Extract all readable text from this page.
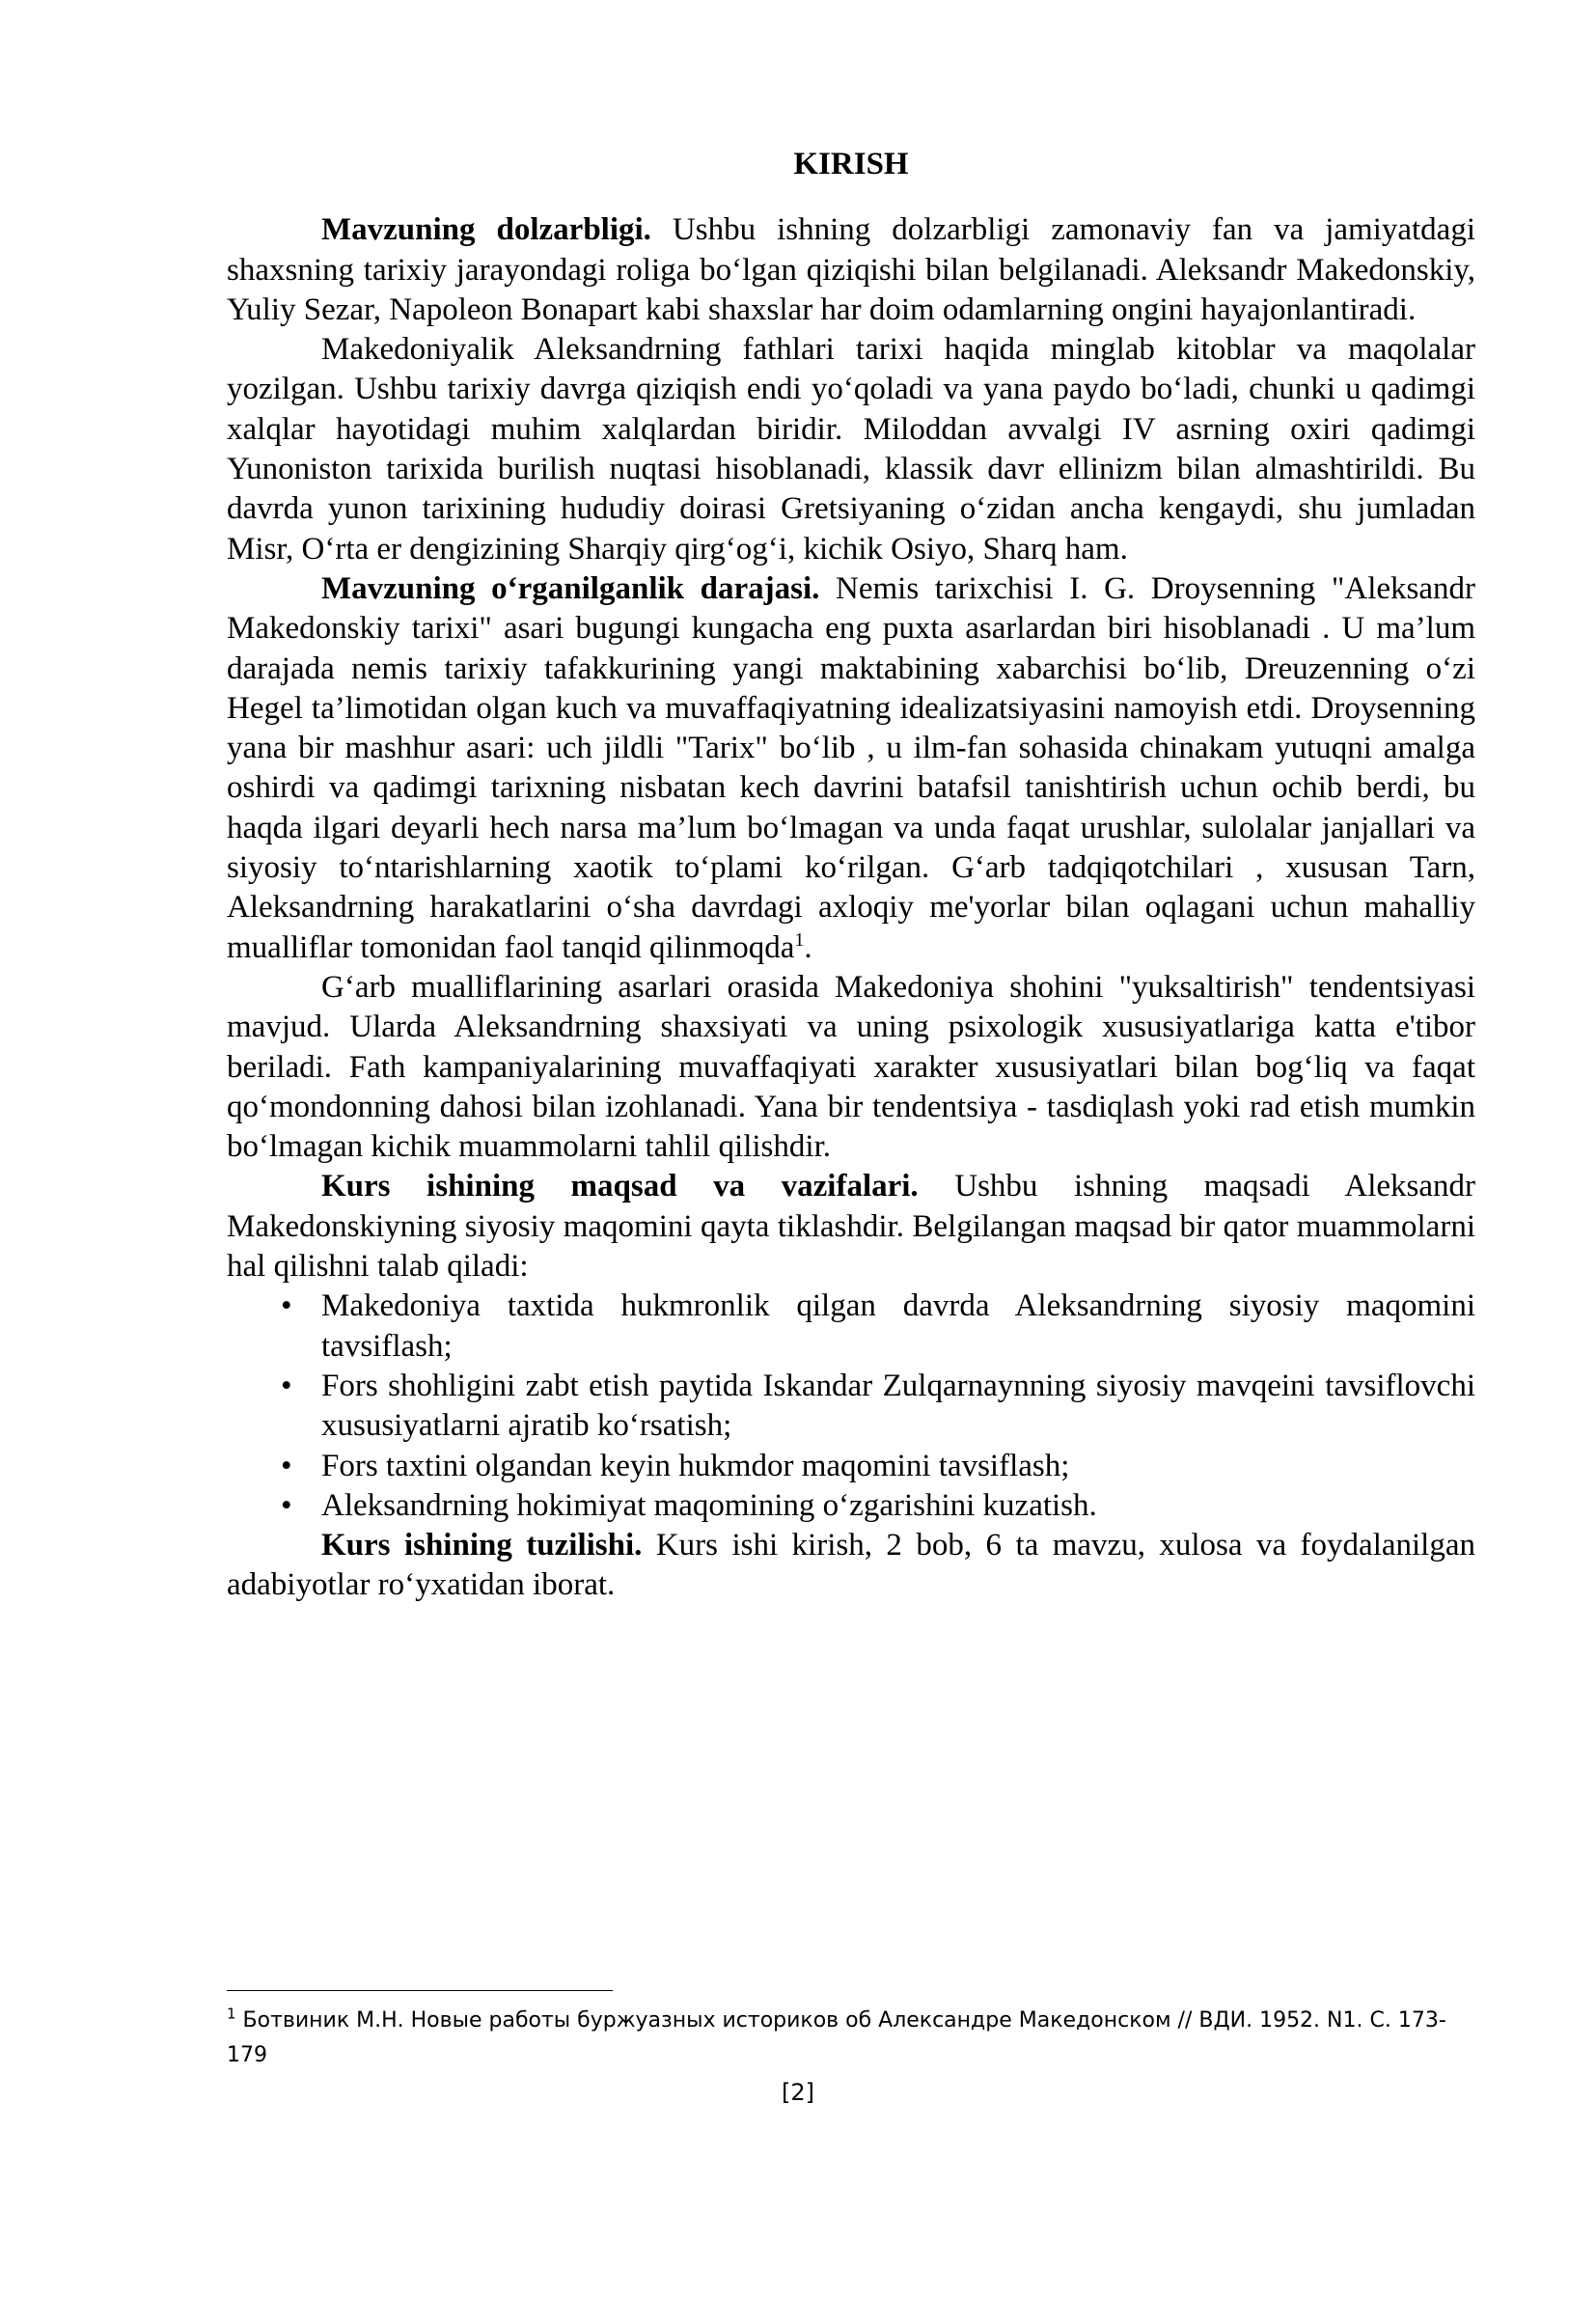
KIRISH

Mavzuning dolzarbligi. Ushbu ishning dolzarbligi zamonaviy fan va jamiyatdagi shaxsning tarixiy jarayondagi roliga bo‘lgan qiziqishi bilan belgilanadi. Aleksandr Makedonskiy, Yuliy Sezar, Napoleon Bonapart kabi shaxslar har doim odamlarning ongini hayajonlantiradi.

Makedoniyalik Aleksandrning fathlari tarixi haqida minglab kitoblar va maqolalar yozilgan. Ushbu tarixiy davrga qiziqish endi yo‘qoladi va yana paydo bo‘ladi, chunki u qadimgi xalqlar hayotidagi muhim xalqlardan biridir. Miloddan avvalgi IV asrning oxiri qadimgi Yunoniston tarixida burilish nuqtasi hisoblanadi, klassik davr ellinizm bilan almashtirildi. Bu davrda yunon tarixining hududiy doirasi Gretsiyaning o‘zidan ancha kengaydi, shu jumladan Misr, O‘rta er dengizining Sharqiy qirg‘og‘i, kichik Osiyo, Sharq ham.

Mavzuning o‘rganilganlik darajasi. Nemis tarixchisi I. G. Droysenning "Aleksandr Makedonskiy tarixi" asari bugungi kungacha eng puxta asarlardan biri hisoblanadi . U ma’lum darajada nemis tarixiy tafakkurining yangi maktabining xabarchisi bo‘lib, Dreuzenning o‘zi Hegel ta’limotidan olgan kuch va muvaffaqiyatning idealizatsiyasini namoyish etdi. Droysenning yana bir mashhur asari: uch jildli "Tarix" bo‘lib , u ilm-fan sohasida chinakam yutuqni amalga oshirdi va qadimgi tarixning nisbatan kech davrini batafsil tanishtirish uchun ochib berdi, bu haqda ilgari deyarli hech narsa ma’lum bo‘lmagan va unda faqat urushlar, sulolalar janjallari va siyosiy to‘ntarishlarning xaotik to‘plami ko‘rilgan. G‘arb tadqiqotchilari , xususan Tarn, Aleksandrning harakatlarini o‘sha davrdagi axloqiy me'yorlar bilan oqlagani uchun mahalliy mualliflar tomonidan faol tanqid qilinmoqda$^1$.

G‘arb mualliflarining asarlari orasida Makedoniya shohini "yuksaltirish" tendentsiyasi mavjud. Ularda Aleksandrning shaxsiyati va uning psixologik xususiyatlariga katta e'tibor beriladi. Fath kampaniyalarining muvaffaqiyati xarakter xususiyatlari bilan bog‘liq va faqat qo‘mondonning dahosi bilan izohlanadi. Yana bir tendentsiya - tasdiqlash yoki rad etish mumkin bo‘lmagan kichik muammolarni tahlil qilishdir.

Kurs ishining maqsad va vazifalari. Ushbu ishning maqsadi Aleksandr Makedonskiyning siyosiy maqomini qayta tiklashdir. Belgilangan maqsad bir qator muammolarni hal qilishni talab qiladi:

• Makedoniya taxtida hukmronlik qilgan davrda Aleksandrning siyosiy maqomini tavsiflash;
• Fors shohligini zabt etish paytida Iskandar Zulqarnaynning siyosiy mavqeini tavsiflovchi xususiyatlarni ajratib ko‘rsatish;
• Fors taxtini olgandan keyin hukmdor maqomini tavsiflash;
• Aleksandrning hokimiyat maqomining o‘zgarishini kuzatish.

Kurs ishining tuzilishi. Kurs ishi kirish, 2 bob, 6 ta mavzu, xulosa va foydalanilgan adabiyotlar ro‘yxatidan iborat.

$^1$ Ботвиник М.Н. Новые работы буржуазных историков об Александре Македонском // ВДИ. 1952. N1. С. 173-179
[2]
